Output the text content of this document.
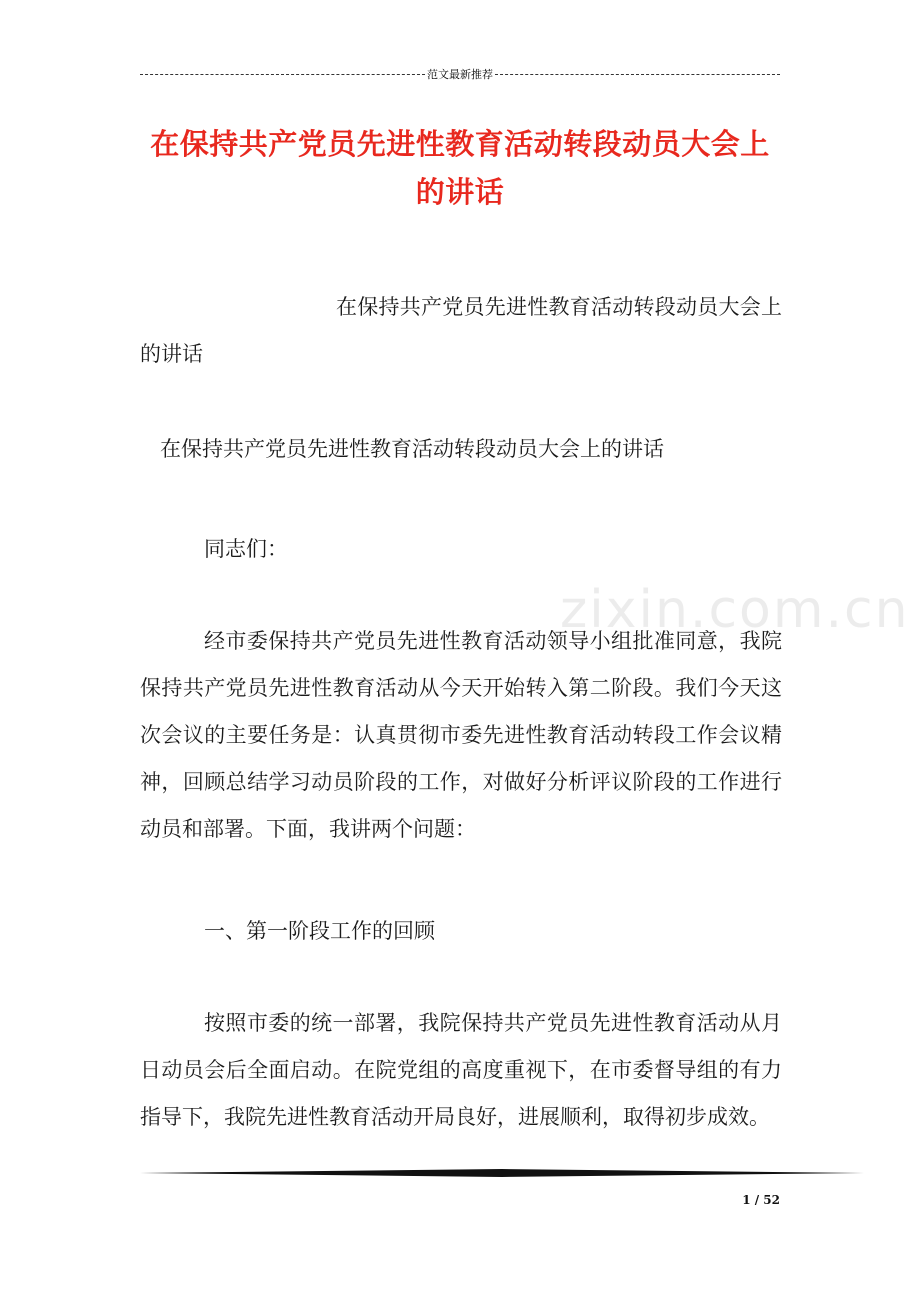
范文最新推荐
在保持共产党员先进性教育活动转段动员大会上的讲话
在保持共产党员先进性教育活动转段动员大会上的讲话
在保持共产党员先进性教育活动转段动员大会上的讲话
同志们：
zixin.com.cn
经市委保持共产党员先进性教育活动领导小组批准同意，我院保持共产党员先进性教育活动从今天开始转入第二阶段。我们今天这次会议的主要任务是：认真贯彻市委先进性教育活动转段工作会议精神，回顾总结学习动员阶段的工作，对做好分析评议阶段的工作进行动员和部署。下面，我讲两个问题：
一、第一阶段工作的回顾
按照市委的统一部署，我院保持共产党员先进性教育活动从月日动员会后全面启动。在院党组的高度重视下，在市委督导组的有力指导下，我院先进性教育活动开局良好，进展顺利，取得初步成效。
1 / 52
